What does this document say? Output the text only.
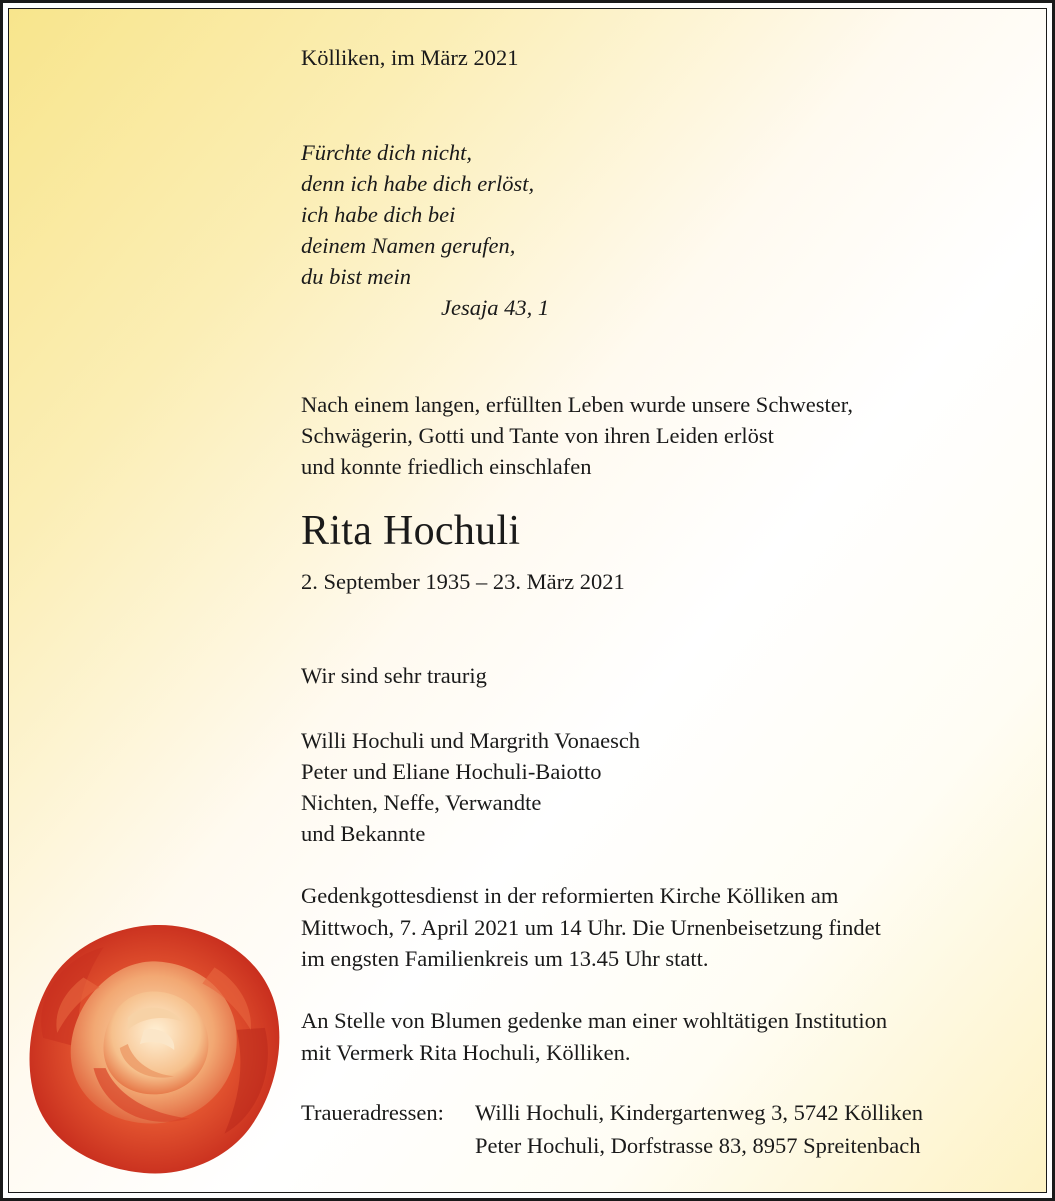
Kölliken, im März 2021
Fürchte dich nicht,
denn ich habe dich erlöst,
ich habe dich bei
deinem Namen gerufen,
du bist mein
Jesaja 43, 1
Nach einem langen, erfüllten Leben wurde unsere Schwester,
Schwägerin, Gotti und Tante von ihren Leiden erlöst
und konnte friedlich einschlafen
Rita Hochuli
2. September 1935 – 23. März 2021
Wir sind sehr traurig
Willi Hochuli und Margrith Vonaesch
Peter und Eliane Hochuli-Baiotto
Nichten, Neffe, Verwandte
und Bekannte
Gedenkgottesdienst in der reformierten Kirche Kölliken am
Mittwoch, 7. April 2021 um 14 Uhr. Die Urnenbeisetzung findet
im engsten Familienkreis um 13.45 Uhr statt.
An Stelle von Blumen gedenke man einer wohltätigen Institution
mit Vermerk Rita Hochuli, Kölliken.
Traueradressen:	Willi Hochuli, Kindergartenweg 3, 5742 Kölliken
Peter Hochuli, Dorfstrasse 83, 8957 Spreitenbach
